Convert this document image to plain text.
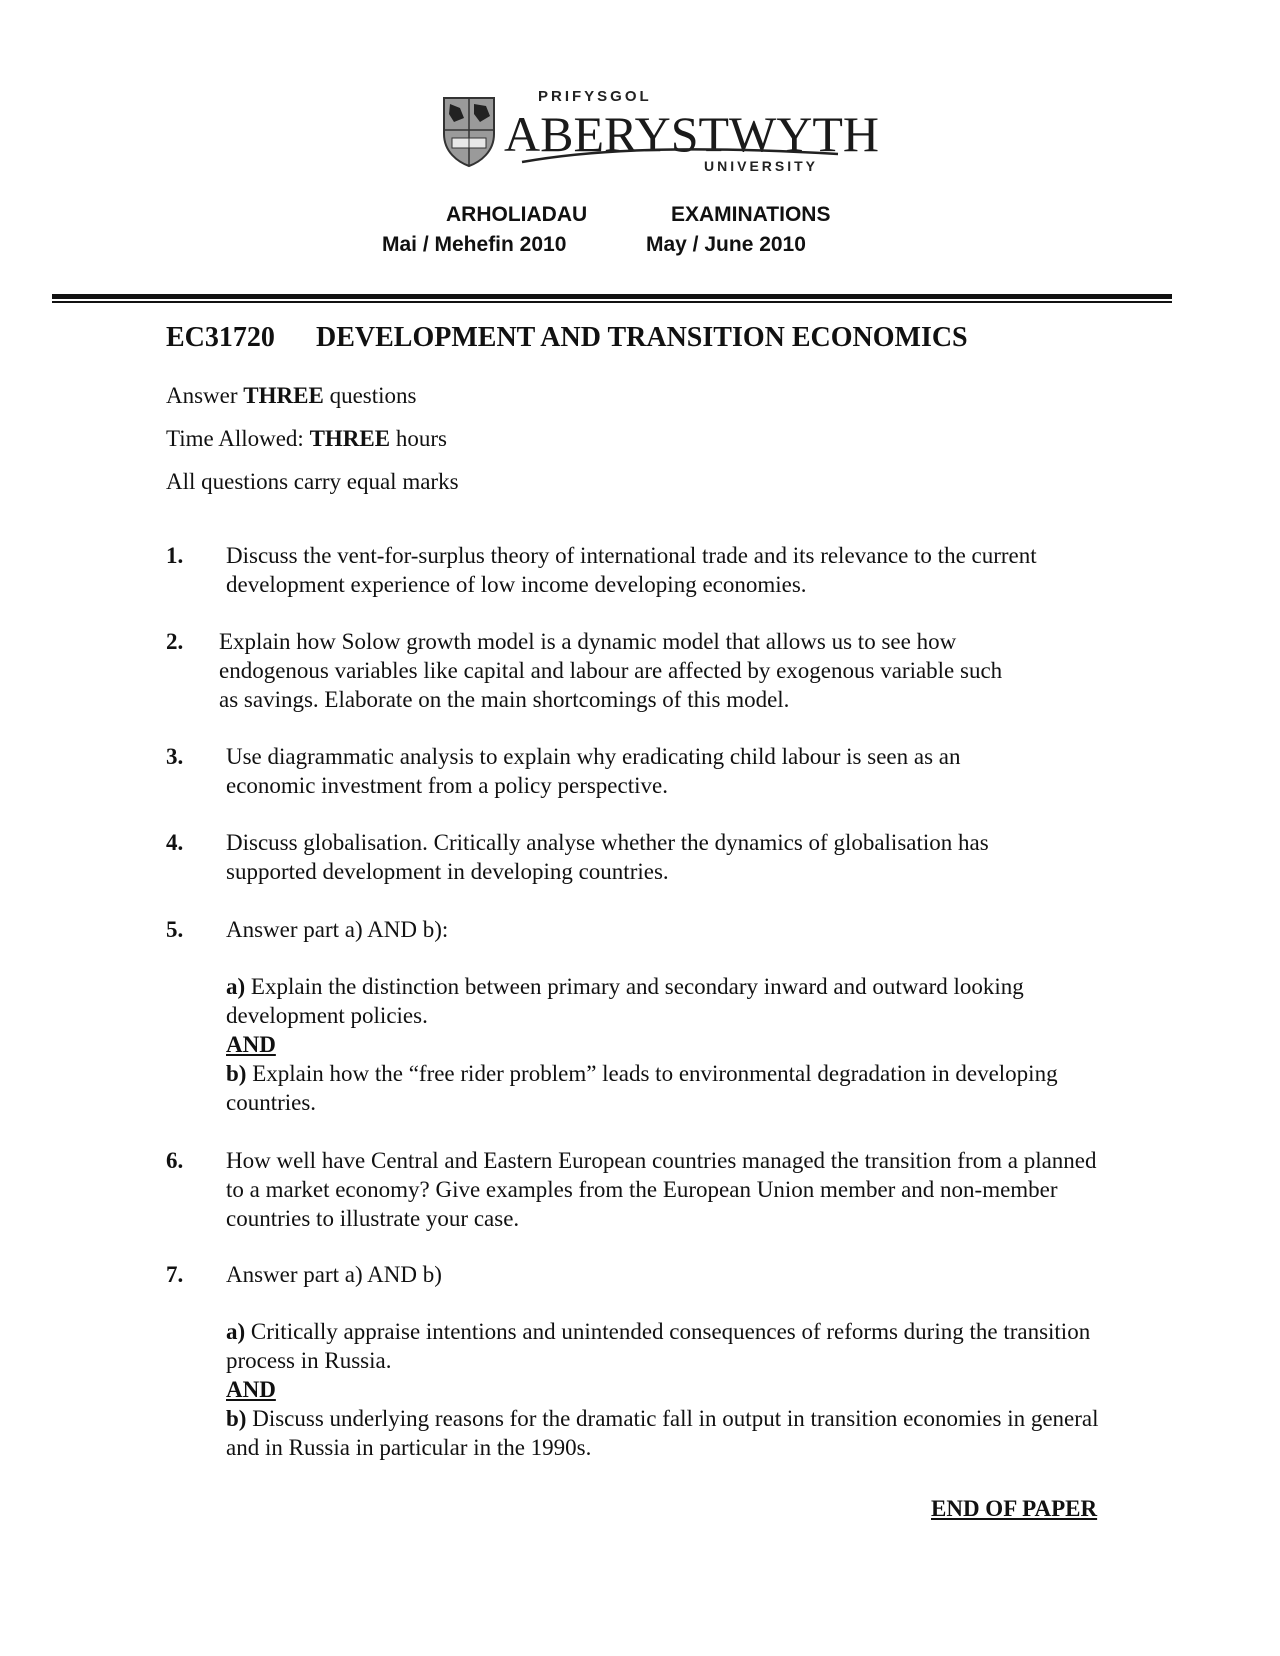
PRIFYSGOL
ABERYSTWYTH
UNIVERSITY
ARHOLIADAU	EXAMINATIONS
Mai / Mehefin 2010	May / June 2010
EC31720 DEVELOPMENT AND TRANSITION ECONOMICS
Answer THREE questions
Time Allowed: THREE hours
All questions carry equal marks
1. Discuss the vent-for-surplus theory of international trade and its relevance to the current development experience of low income developing economies.
2. Explain how Solow growth model is a dynamic model that allows us to see how endogenous variables like capital and labour are affected by exogenous variable such as savings. Elaborate on the main shortcomings of this model.
3. Use diagrammatic analysis to explain why eradicating child labour is seen as an economic investment from a policy perspective.
4. Discuss globalisation. Critically analyse whether the dynamics of globalisation has supported development in developing countries.
5. Answer part a) AND b):
a) Explain the distinction between primary and secondary inward and outward looking development policies.
AND
b) Explain how the “free rider problem” leads to environmental degradation in developing countries.
6. How well have Central and Eastern European countries managed the transition from a planned to a market economy? Give examples from the European Union member and non-member countries to illustrate your case.
7. Answer part a) AND b)
a) Critically appraise intentions and unintended consequences of reforms during the transition process in Russia.
AND
b) Discuss underlying reasons for the dramatic fall in output in transition economies in general and in Russia in particular in the 1990s.
END OF PAPER
